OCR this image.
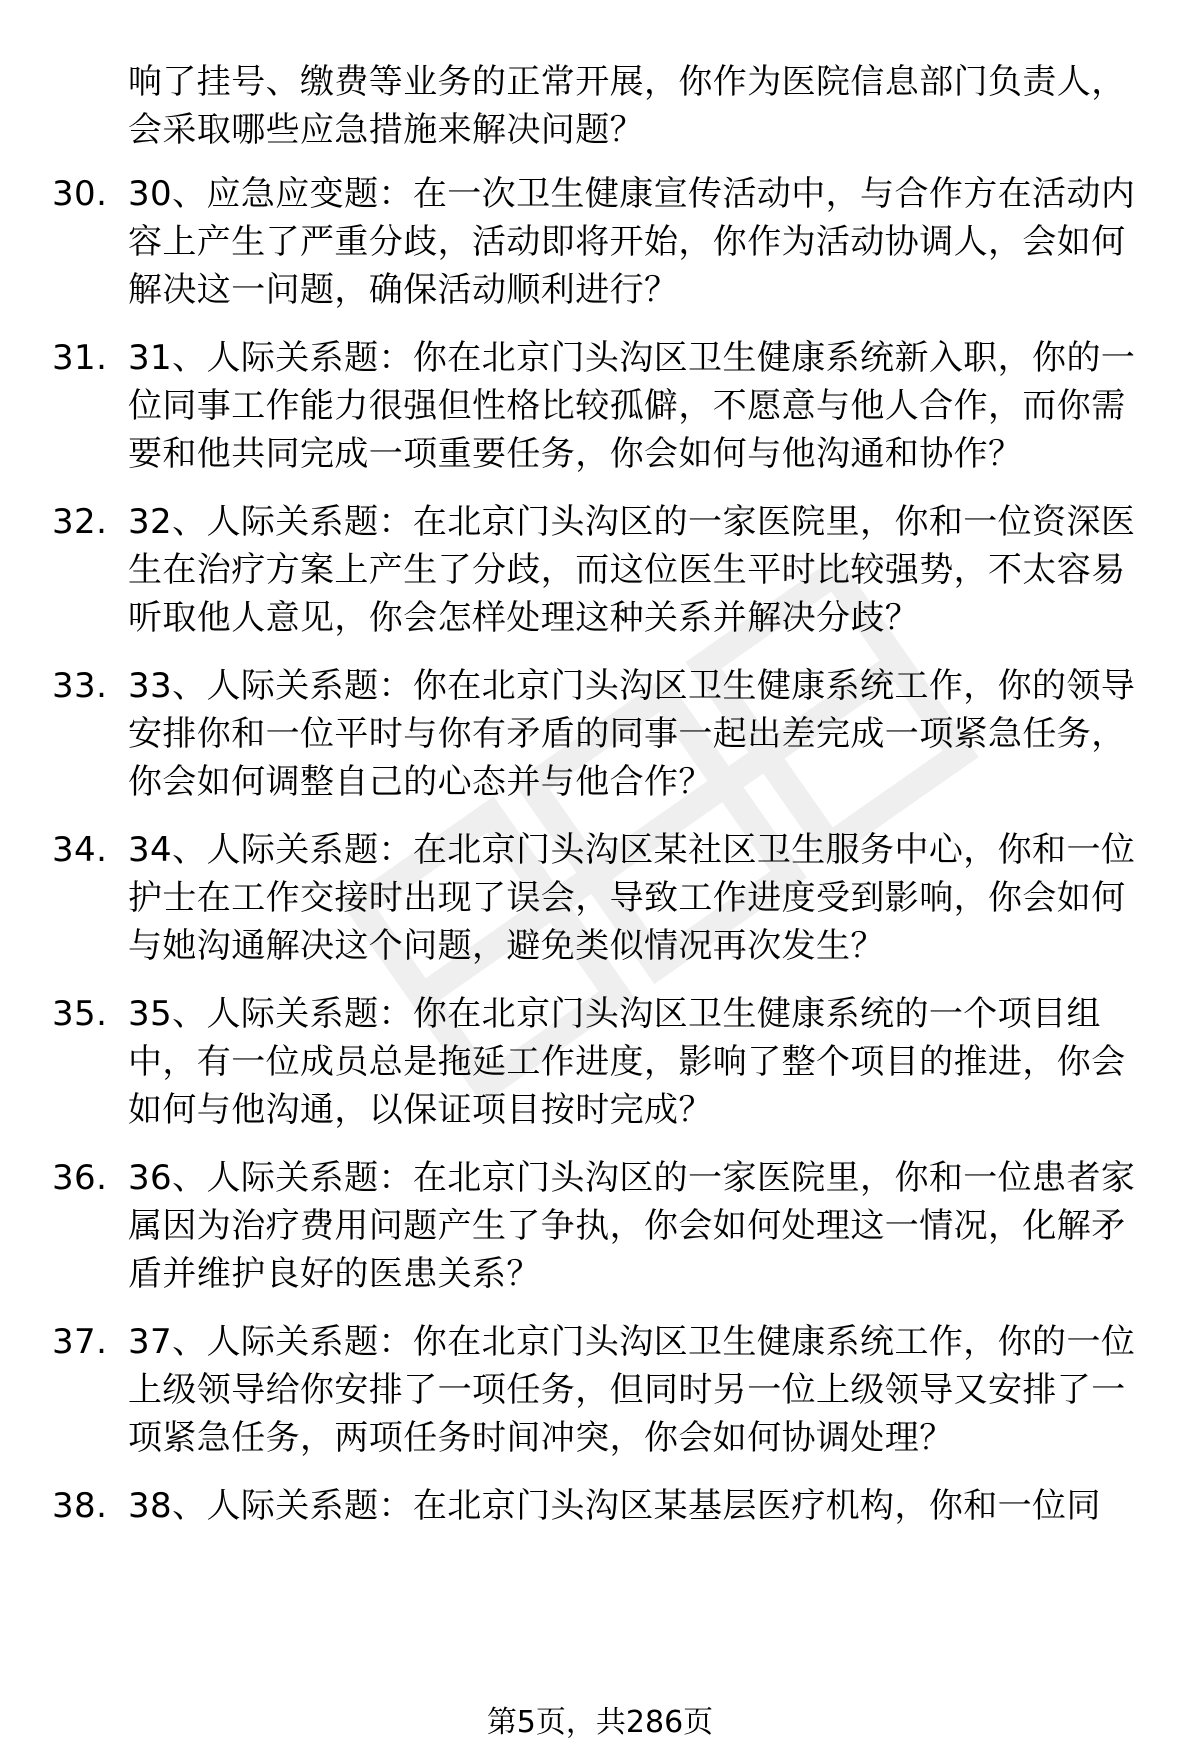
响了挂号、缴费等业务的正常开展，你作为医院信息部门负责人，会采取哪些应急措施来解决问题？
30. 30、应急应变题：在一次卫生健康宣传活动中，与合作方在活动内容上产生了严重分歧，活动即将开始，你作为活动协调人，会如何解决这一问题，确保活动顺利进行？
31. 31、人际关系题：你在北京门头沟区卫生健康系统新入职，你的一位同事工作能力很强但性格比较孤僻，不愿意与他人合作，而你需要和他共同完成一项重要任务，你会如何与他沟通和协作？
32. 32、人际关系题：在北京门头沟区的一家医院里，你和一位资深医生在治疗方案上产生了分歧，而这位医生平时比较强势，不太容易听取他人意见，你会怎样处理这种关系并解决分歧？
33. 33、人际关系题：你在北京门头沟区卫生健康系统工作，你的领导安排你和一位平时与你有矛盾的同事一起出差完成一项紧急任务，你会如何调整自己的心态并与他合作？
34. 34、人际关系题：在北京门头沟区某社区卫生服务中心，你和一位护士在工作交接时出现了误会，导致工作进度受到影响，你会如何与她沟通解决这个问题，避免类似情况再次发生？
35. 35、人际关系题：你在北京门头沟区卫生健康系统的一个项目组中，有一位成员总是拖延工作进度，影响了整个项目的推进，你会如何与他沟通，以保证项目按时完成？
36. 36、人际关系题：在北京门头沟区的一家医院里，你和一位患者家属因为治疗费用问题产生了争执，你会如何处理这一情况，化解矛盾并维护良好的医患关系？
37. 37、人际关系题：你在北京门头沟区卫生健康系统工作，你的一位上级领导给你安排了一项任务，但同时另一位上级领导又安排了一项紧急任务，两项任务时间冲突，你会如何协调处理？
38. 38、人际关系题：在北京门头沟区某基层医疗机构，你和一位同
第5页，共286页
